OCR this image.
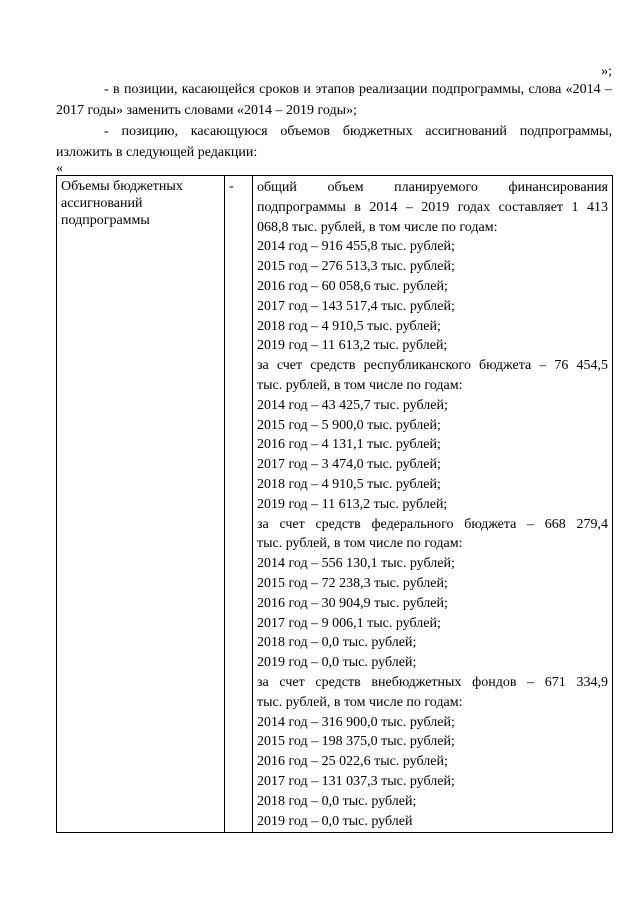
»;

- в позиции, касающейся сроков и этапов реализации подпрограммы, слова «2014 – 2017 годы» заменить словами «2014 – 2019 годы»;

- позицию, касающуюся объемов бюджетных ассигнований подпрограммы, изложить в следующей редакции:

«
Объемы бюджетных ассигнований подпрограммы	-	общий объем планируемого финансирования
подпрограммы в 2014 – 2019 годах составляет 1 413
068,8 тыс. рублей, в том числе по годам:
2014 год – 916 455,8 тыс. рублей;
2015 год – 276 513,3 тыс. рублей;
2016 год – 60 058,6 тыс. рублей;
2017 год – 143 517,4 тыс. рублей;
2018 год – 4 910,5 тыс. рублей;
2019 год – 11 613,2 тыс. рублей;
за счет средств республиканского бюджета – 76 454,5
тыс. рублей, в том числе по годам:
2014 год – 43 425,7 тыс. рублей;
2015 год – 5 900,0 тыс. рублей;
2016 год – 4 131,1 тыс. рублей;
2017 год – 3 474,0 тыс. рублей;
2018 год – 4 910,5 тыс. рублей;
2019 год – 11 613,2 тыс. рублей;
за счет средств федерального бюджета – 668 279,4
тыс. рублей, в том числе по годам:
2014 год – 556 130,1 тыс. рублей;
2015 год – 72 238,3 тыс. рублей;
2016 год – 30 904,9 тыс. рублей;
2017 год – 9 006,1 тыс. рублей;
2018 год – 0,0 тыс. рублей;
2019 год – 0,0 тыс. рублей;
за счет средств внебюджетных фондов – 671 334,9
тыс. рублей, в том числе по годам:
2014 год – 316 900,0 тыс. рублей;
2015 год – 198 375,0 тыс. рублей;
2016 год – 25 022,6 тыс. рублей;
2017 год – 131 037,3 тыс. рублей;
2018 год – 0,0 тыс. рублей;
2019 год – 0,0 тыс. рублей
